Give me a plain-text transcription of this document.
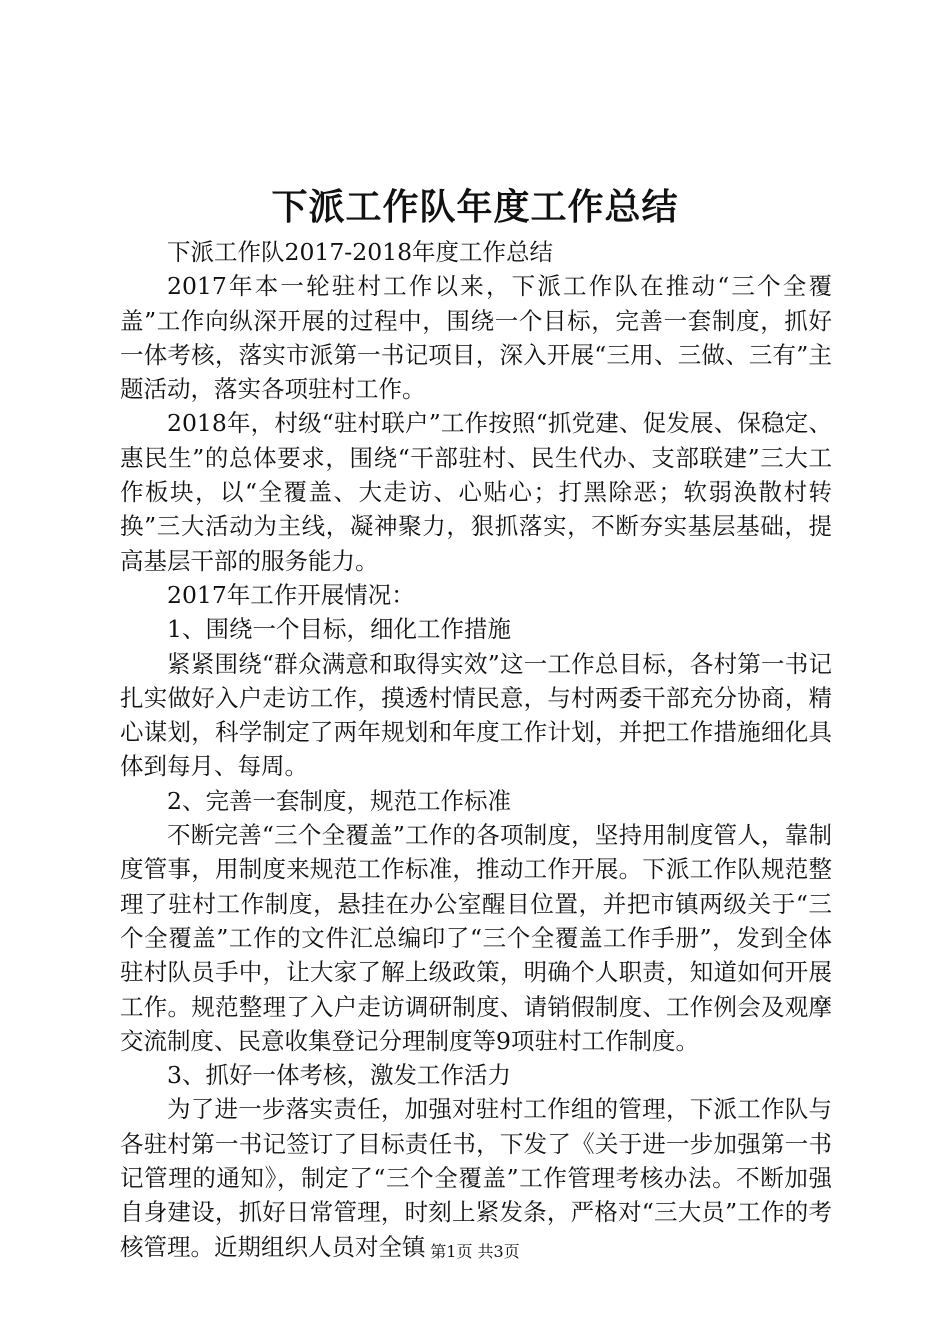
下派工作队年度工作总结

下派工作队2017-2018年度工作总结

2017年本一轮驻村工作以来，下派工作队在推动“三个全覆盖”工作向纵深开展的过程中，围绕一个目标，完善一套制度，抓好一体考核，落实市派第一书记项目，深入开展“三用、三做、三有”主题活动，落实各项驻村工作。

2018年，村级“驻村联户”工作按照“抓党建、促发展、保稳定、惠民生”的总体要求，围绕“干部驻村、民生代办、支部联建”三大工作板块，以“全覆盖、大走访、心贴心；打黑除恶；软弱涣散村转换”三大活动为主线，凝神聚力，狠抓落实，不断夯实基层基础，提高基层干部的服务能力。

2017年工作开展情况：

1、围绕一个目标，细化工作措施

紧紧围绕“群众满意和取得实效”这一工作总目标，各村第一书记扎实做好入户走访工作，摸透村情民意，与村两委干部充分协商，精心谋划，科学制定了两年规划和年度工作计划，并把工作措施细化具体到每月、每周。

2、完善一套制度，规范工作标准

不断完善“三个全覆盖”工作的各项制度，坚持用制度管人，靠制度管事，用制度来规范工作标准，推动工作开展。下派工作队规范整理了驻村工作制度，悬挂在办公室醒目位置，并把市镇两级关于“三个全覆盖”工作的文件汇总编印了“三个全覆盖工作手册”，发到全体驻村队员手中，让大家了解上级政策，明确个人职责，知道如何开展工作。规范整理了入户走访调研制度、请销假制度、工作例会及观摩交流制度、民意收集登记分理制度等9项驻村工作制度。

3、抓好一体考核，激发工作活力

为了进一步落实责任，加强对驻村工作组的管理，下派工作队与各驻村第一书记签订了目标责任书，下发了《关于进一步加强第一书记管理的通知》，制定了“三个全覆盖”工作管理考核办法。不断加强自身建设，抓好日常管理，时刻上紧发条，严格对“三大员”工作的考核管理。近期组织人员对全镇 第1页 共3页
